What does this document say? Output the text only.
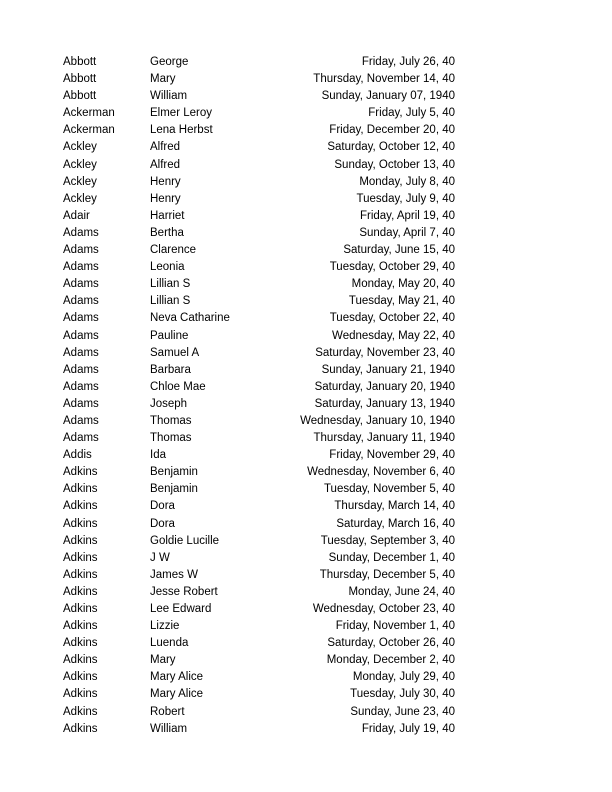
Abbott	George	Friday, July 26, 40
Abbott	Mary	Thursday, November 14, 40
Abbott	William	Sunday, January 07, 1940
Ackerman	Elmer Leroy	Friday, July 5, 40
Ackerman	Lena Herbst	Friday, December 20, 40
Ackley	Alfred	Saturday, October 12, 40
Ackley	Alfred	Sunday, October 13, 40
Ackley	Henry	Monday, July 8, 40
Ackley	Henry	Tuesday, July 9, 40
Adair	Harriet	Friday, April 19, 40
Adams	Bertha	Sunday, April 7, 40
Adams	Clarence	Saturday, June 15, 40
Adams	Leonia	Tuesday, October 29, 40
Adams	Lillian S	Monday, May 20, 40
Adams	Lillian S	Tuesday, May 21, 40
Adams	Neva Catharine	Tuesday, October 22, 40
Adams	Pauline	Wednesday, May 22, 40
Adams	Samuel A	Saturday, November 23, 40
Adams	Barbara	Sunday, January 21, 1940
Adams	Chloe Mae	Saturday, January 20, 1940
Adams	Joseph	Saturday, January 13, 1940
Adams	Thomas	Wednesday, January 10, 1940
Adams	Thomas	Thursday, January 11, 1940
Addis	Ida	Friday, November 29, 40
Adkins	Benjamin	Wednesday, November 6, 40
Adkins	Benjamin	Tuesday, November 5, 40
Adkins	Dora	Thursday, March 14, 40
Adkins	Dora	Saturday, March 16, 40
Adkins	Goldie Lucille	Tuesday, September 3, 40
Adkins	J W	Sunday, December 1, 40
Adkins	James W	Thursday, December 5, 40
Adkins	Jesse Robert	Monday, June 24, 40
Adkins	Lee Edward	Wednesday, October 23, 40
Adkins	Lizzie	Friday, November 1, 40
Adkins	Luenda	Saturday, October 26, 40
Adkins	Mary	Monday, December 2, 40
Adkins	Mary Alice	Monday, July 29, 40
Adkins	Mary Alice	Tuesday, July 30, 40
Adkins	Robert	Sunday, June 23, 40
Adkins	William	Friday, July 19, 40
